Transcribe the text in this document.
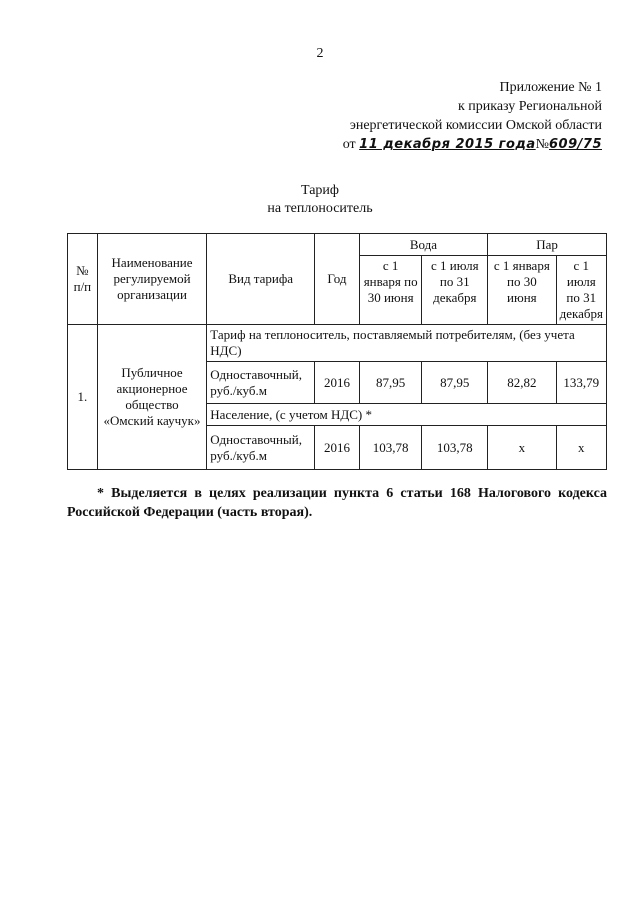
2
Приложение № 1
к приказу Региональной
энергетической комиссии Омской области
от 11 декабря 2015 года№609/75
Тариф
на теплоноситель
№ п/п	Наименование регулируемой организации	Вид тарифа	Год	Вода		Пар	
				с 1 января по 30 июня	с 1 июля по 31 декабря	с 1 января по 30 июня	с 1 июля по 31 декабря
1.	Публичное акционерное общество «Омский каучук»	Тариф на теплоноситель, поставляемый потребителям, (без учета НДС)					
		Одноставочный, руб./куб.м	2016	87,95	87,95	82,82	133,79
		Население, (с учетом НДС) *					
		Одноставочный, руб./куб.м	2016	103,78	103,78	x	x
* Выделяется в целях реализации пункта 6 статьи 168 Налогового кодекса Российской Федерации (часть вторая).
